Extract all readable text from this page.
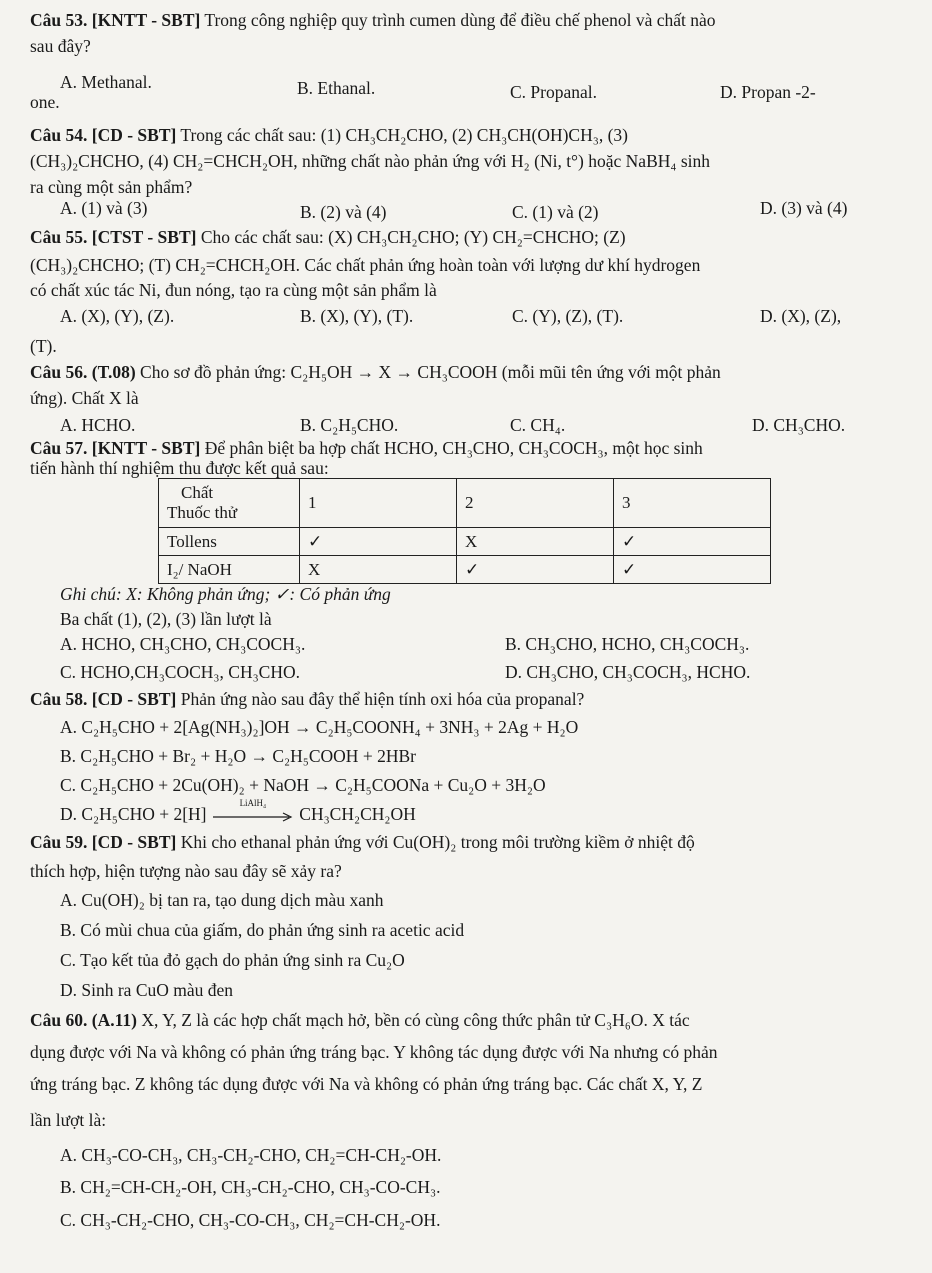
Câu 53. [KNTT - SBT] Trong công nghiệp quy trình cumen dùng để điều chế phenol và chất nào
sau đây?
A. Methanal.	B. Ethanal.	C. Propanal.	D. Propan -2-
one.
Câu 54. [CD - SBT] Trong các chất sau: (1) CH₃CH₂CHO, (2) CH₃CH(OH)CH₃, (3)
(CH₃)₂CHCHO, (4) CH₂=CHCH₂OH, những chất nào phản ứng với H₂ (Ni, t°) hoặc NaBH₄ sinh
ra cùng một sản phẩm?
A. (1) và (3)	B. (2) và (4)	C. (1) và (2)	D. (3) và (4)
Câu 55. [CTST - SBT] Cho các chất sau: (X) CH₃CH₂CHO; (Y) CH₂=CHCHO; (Z)
(CH₃)₂CHCHO; (T) CH₂=CHCH₂OH. Các chất phản ứng hoàn toàn với lượng dư khí hydrogen
có chất xúc tác Ni, đun nóng, tạo ra cùng một sản phẩm là
A. (X), (Y), (Z).	B. (X), (Y), (T).	C. (Y), (Z), (T).	D. (X), (Z),
(T).
Câu 56. (T.08) Cho sơ đồ phản ứng: C₂H₅OH → X → CH₃COOH (mỗi mũi tên ứng với một phản
ứng). Chất X là
A. HCHO.	B. C₂H₅CHO.	C. CH₄.	D. CH₃CHO.
Câu 57. [KNTT - SBT] Để phân biệt ba hợp chất HCHO, CH₃CHO, CH₃COCH₃, một học sinh
tiến hành thí nghiệm thu được kết quả sau:
Chất
Thuốc thử	1	2	3
Tollens	✓	X	✓
I₂/ NaOH	X	✓	✓
Ghi chú: X: Không phản ứng; ✓: Có phản ứng
Ba chất (1), (2), (3) lần lượt là
A. HCHO, CH₃CHO, CH₃COCH₃.	B. CH₃CHO, HCHO, CH₃COCH₃.
C. HCHO,CH₃COCH₃, CH₃CHO.	D. CH₃CHO, CH₃COCH₃, HCHO.
Câu 58. [CD - SBT] Phản ứng nào sau đây thể hiện tính oxi hóa của propanal?
A. C₂H₅CHO + 2[Ag(NH₃)₂]OH → C₂H₅COONH₄ + 3NH₃ + 2Ag + H₂O
B. C₂H₅CHO + Br₂ + H₂O → C₂H₅COOH + 2HBr
C. C₂H₅CHO + 2Cu(OH)₂ + NaOH → C₂H₅COONa + Cu₂O + 3H₂O
D. C₂H₅CHO + 2[H]
LiAlH₄
CH₃CH₂CH₂OH
Câu 59. [CD - SBT] Khi cho ethanal phản ứng với Cu(OH)₂ trong môi trường kiềm ở nhiệt độ
thích hợp, hiện tượng nào sau đây sẽ xảy ra?
A. Cu(OH)₂ bị tan ra, tạo dung dịch màu xanh
B. Có mùi chua của giấm, do phản ứng sinh ra acetic acid
C. Tạo kết tủa đỏ gạch do phản ứng sinh ra Cu₂O
D. Sinh ra CuO màu đen
Câu 60. (A.11) X, Y, Z là các hợp chất mạch hở, bền có cùng công thức phân tử C₃H₆O. X tác
dụng được với Na và không có phản ứng tráng bạc. Y không tác dụng được với Na nhưng có phản
ứng tráng bạc. Z không tác dụng được với Na và không có phản ứng tráng bạc. Các chất X, Y, Z
lần lượt là:
A. CH₃-CO-CH₃, CH₃-CH₂-CHO, CH₂=CH-CH₂-OH.
B. CH₂=CH-CH₂-OH, CH₃-CH₂-CHO, CH₃-CO-CH₃.
C. CH₃-CH₂-CHO, CH₃-CO-CH₃, CH₂=CH-CH₂-OH.
